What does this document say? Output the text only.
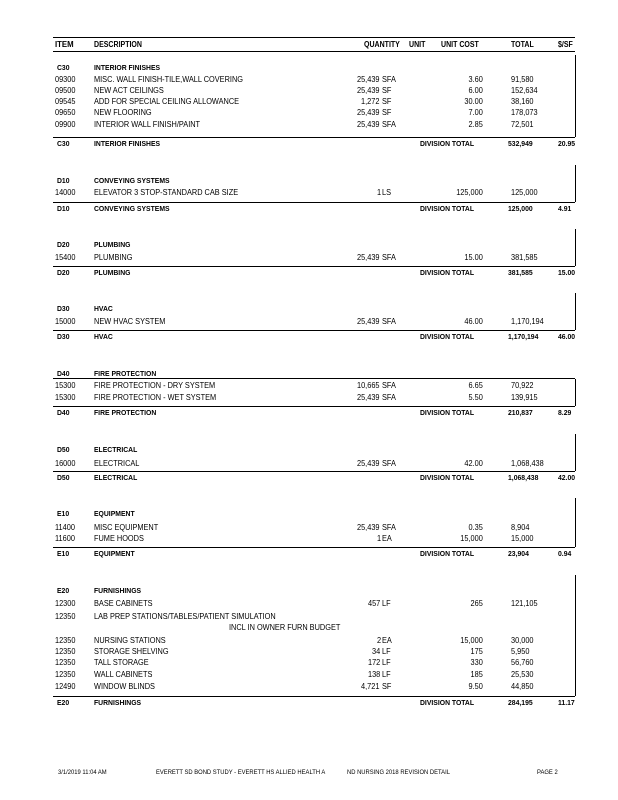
ITEM	DESCRIPTION	QUANTITY UNIT UNIT COST	TOTAL	$/SF
C30	INTERIOR FINISHES
09300	MISC. WALL FINISH-TILE,WALL COVERING	25,439 SFA	3.60	91,580
09500	NEW ACT CEILINGS	25,439 SF	6.00	152,634
09545	ADD FOR SPECIAL CEILING ALLOWANCE	1,272 SF	30.00	38,160
09650	NEW FLOORING	25,439 SF	7.00	178,073
09900	INTERIOR WALL FINISH/PAINT	25,439 SFA	2.85	72,501
C30	INTERIOR FINISHES	DIVISION TOTAL	532,949	20.95
D10	CONVEYING SYSTEMS
14000	ELEVATOR 3 STOP-STANDARD CAB SIZE	1 LS	125,000	125,000
D10	CONVEYING SYSTEMS	DIVISION TOTAL	125,000	4.91
D20	PLUMBING
15400	PLUMBING	25,439 SFA	15.00	381,585
D20	PLUMBING	DIVISION TOTAL	381,585	15.00
D30	HVAC
15000	NEW HVAC SYSTEM	25,439 SFA	46.00	1,170,194
D30	HVAC	DIVISION TOTAL	1,170,194	46.00
D40	FIRE PROTECTION
15300	FIRE PROTECTION - DRY SYSTEM	10,665 SFA	6.65	70,922
15300	FIRE PROTECTION - WET SYSTEM	25,439 SFA	5.50	139,915
D40	FIRE PROTECTION	DIVISION TOTAL	210,837	8.29
D50	ELECTRICAL
16000	ELECTRICAL	25,439 SFA	42.00	1,068,438
D50	ELECTRICAL	DIVISION TOTAL	1,068,438	42.00
E10	EQUIPMENT
11400	MISC EQUIPMENT	25,439 SFA	0.35	8,904
11600	FUME HOODS	1 EA	15,000	15,000
E10	EQUIPMENT	DIVISION TOTAL	23,904	0.94
E20	FURNISHINGS
12300	BASE CABINETS	457 LF	265	121,105
12350	LAB PREP STATIONS/TABLES/PATIENT SIMULATION
INCL IN OWNER FURN BUDGET
12350	NURSING STATIONS	2 EA	15,000	30,000
12350	STORAGE SHELVING	34 LF	175	5,950
12350	TALL STORAGE	172 LF	330	56,760
12350	WALL CABINETS	138 LF	185	25,530
12490	WINDOW BLINDS	4,721 SF	9.50	44,850
E20	FURNISHINGS	DIVISION TOTAL	284,195	11.17
3/1/2019 11:04 AM	EVERETT SD BOND STUDY - EVERETT HS ALLIED HEALTH A	ND NURSING 2018 REVISION DETAIL	PAGE 2
